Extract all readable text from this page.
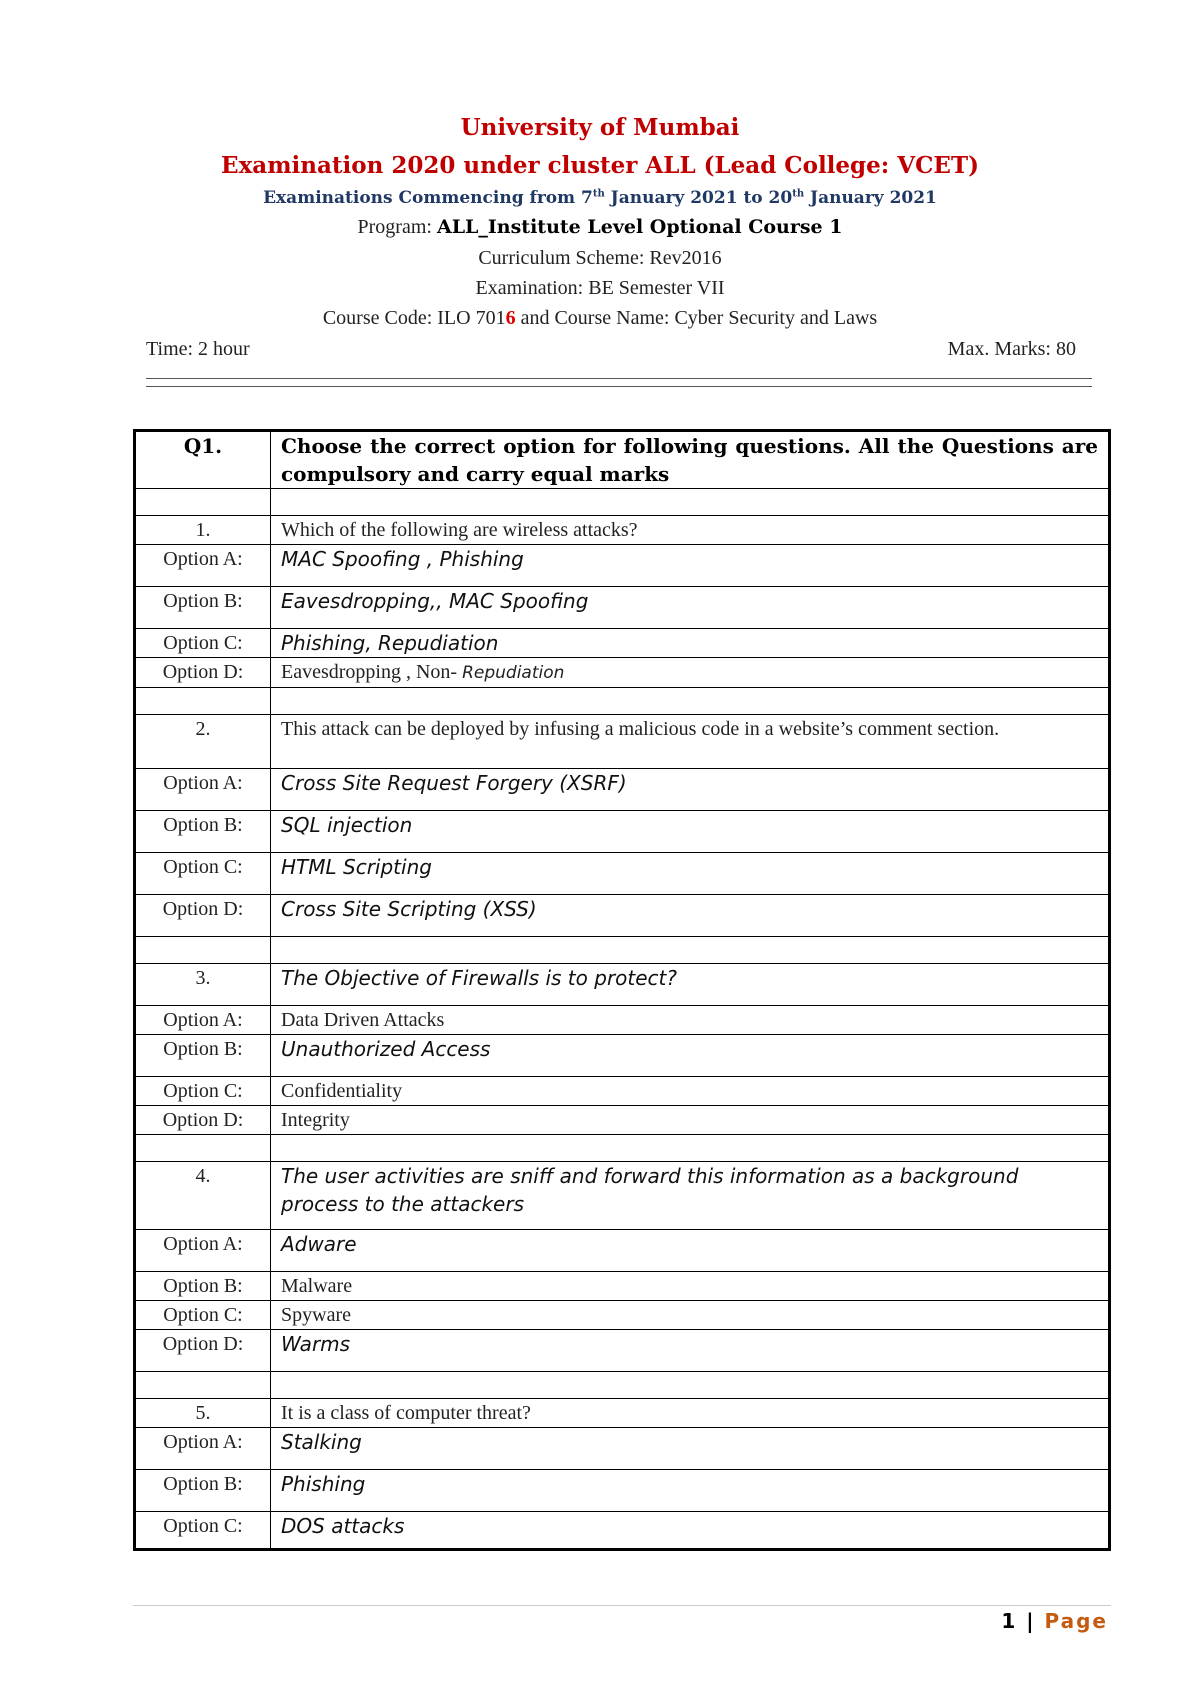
University of Mumbai
Examination 2020 under cluster ALL (Lead College: VCET)
Examinations Commencing from 7th January 2021 to 20th January 2021
Program: ALL_Institute Level Optional Course 1
Curriculum Scheme: Rev2016
Examination: BE Semester VII
Course Code: ILO 7016 and Course Name: Cyber Security and Laws
Time: 2 hour	Max. Marks: 80
Q1.	Choose the correct option for following questions. All the Questions are compulsory and carry equal marks

1.	Which of the following are wireless attacks?
Option A:	MAC Spoofing , Phishing
Option B:	Eavesdropping,, MAC Spoofing
Option C:	Phishing, Repudiation
Option D:	Eavesdropping , Non- Repudiation

2.	This attack can be deployed by infusing a malicious code in a website’s comment section.
Option A:	Cross Site Request Forgery (XSRF)
Option B:	SQL injection
Option C:	HTML Scripting
Option D:	Cross Site Scripting (XSS)

3.	The Objective of Firewalls is to protect?
Option A:	Data Driven Attacks
Option B:	Unauthorized Access
Option C:	Confidentiality
Option D:	Integrity

4.	The user activities are sniff and forward this information as a background process to the attackers
Option A:	Adware
Option B:	Malware
Option C:	Spyware
Option D:	Warms

5.	It is a class of computer threat?
Option A:	Stalking
Option B:	Phishing
Option C:	DOS attacks
1 | Page
